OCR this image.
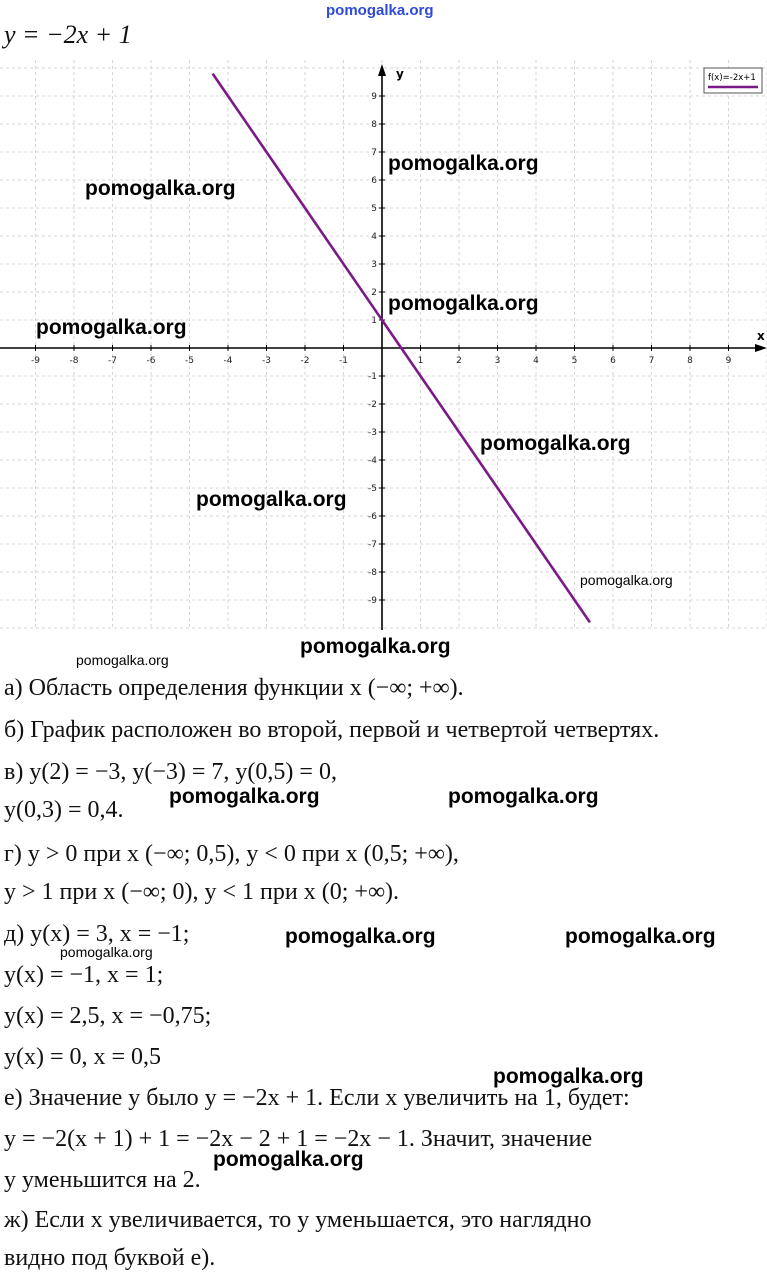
pomogalka.org
y = −2x + 1
x
y
-9	-8	-7	-6	-5	-4	-3	-2	-1	1	2	3	4	5	6	7	8	9
-9
-8
-7
-6
-5
-4
-3
-2
-1
1
2
3
4
5
6
7
8
9
f(x)=-2x+1
pomogalka.org
pomogalka.org
pomogalka.org
pomogalka.org
pomogalka.org
pomogalka.org
pomogalka.org
pomogalka.org
pomogalka.org
pomogalka.org	pomogalka.org
pomogalka.org	pomogalka.org
pomogalka.org
pomogalka.org
pomogalka.org
а) Область определения функции x (−∞; +∞).
б) График расположен во второй, первой и четвертой четвертях.
в) y(2) = −3, y(−3) = 7, y(0,5) = 0,
y(0,3) = 0,4.
г) y > 0 при x (−∞; 0,5), y < 0 при x (0,5; +∞),
y > 1 при x (−∞; 0), y < 1 при x (0; +∞).
д) y(x) = 3, x = −1;
y(x) = −1, x = 1;
y(x) = 2,5, x = −0,75;
y(x) = 0, x = 0,5
е) Значение y было y = −2x + 1. Если x увеличить на 1, будет:
y = −2(x + 1) + 1 = −2x − 2 + 1 = −2x − 1. Значит, значение
y уменьшится на 2.
ж) Если x увеличивается, то y уменьшается, это наглядно
видно под буквой е).
